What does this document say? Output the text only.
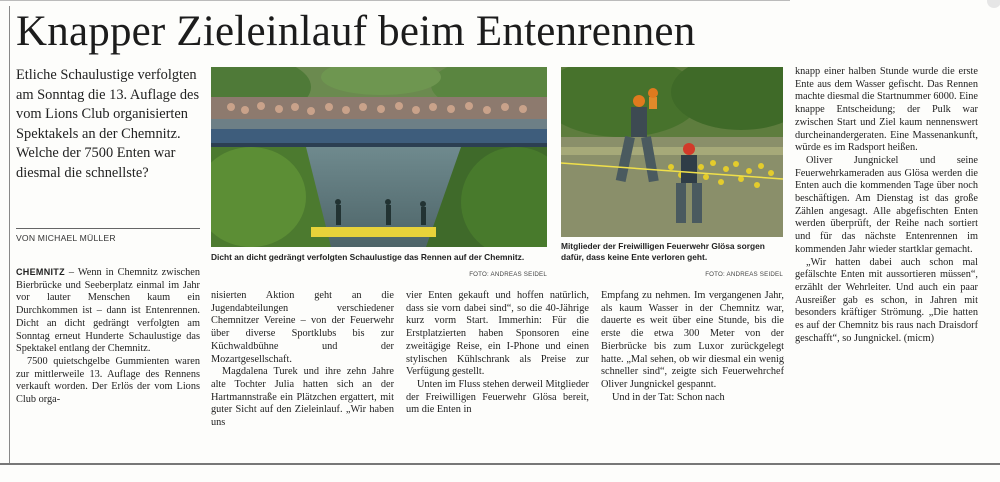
Knapper Zieleinlauf beim Entenrennen
Etliche Schaulustige verfolgten am Sonntag die 13. Auflage des vom Lions Club organisierten Spektakels an der Chemnitz. Welche der 7500 Enten war diesmal die schnellste?
VON MICHAEL MÜLLER
Dicht an dicht gedrängt verfolgten Schaulustige das Rennen auf der Chemnitz.
FOTO: ANDREAS SEIDEL
Mitglieder der Freiwilligen Feuerwehr Glösa sorgen dafür, dass keine Ente verloren geht.
FOTO: ANDREAS SEIDEL

CHEMNITZ – Wenn in Chemnitz zwischen Bierbrücke und Seeberplatz einmal im Jahr vor lauter Menschen kaum ein Durchkommen ist – dann ist Entenrennen. Dicht an dicht gedrängt verfolgten am Sonntag erneut Hunderte Schaulustige das Spektakel entlang der Chemnitz.

7500 quietschgelbe Gummienten waren zur mittlerweile 13. Auflage des Rennens verkauft worden. Der Erlös der vom Lions Club orga-

nisierten Aktion geht an die Jugendabteilungen verschiedener Chemnitzer Vereine – von der Feuerwehr über diverse Sportklubs bis zur Küchwaldbühne und der Mozartgesellschaft.

Magdalena Turek und ihre zehn Jahre alte Tochter Julia hatten sich an der Hartmannstraße ein Plätzchen ergattert, mit guter Sicht auf den Zieleinlauf. „Wir haben uns

vier Enten gekauft und hoffen natürlich, dass sie vorn dabei sind“, so die 40-Jährige kurz vorm Start. Immerhin: Für die Erstplatzierten haben Sponsoren eine zweitägige Reise, ein I-Phone und einen stylischen Kühlschrank als Preise zur Verfügung gestellt.

Unten im Fluss stehen derweil Mitglieder der Freiwilligen Feuerwehr Glösa bereit, um die Enten in

Empfang zu nehmen. Im vergangenen Jahr, als kaum Wasser in der Chemnitz war, dauerte es weit über eine Stunde, bis die erste die etwa 300 Meter von der Bierbrücke bis zum Luxor zurückgelegt hatte. „Mal sehen, ob wir diesmal ein wenig schneller sind“, zeigte sich Feuerwehrchef Oliver Jungnickel gespannt.

Und in der Tat: Schon nach

knapp einer halben Stunde wurde die erste Ente aus dem Wasser gefischt. Das Rennen machte diesmal die Startnummer 6000. Eine knappe Entscheidung; der Pulk war zwischen Start und Ziel kaum nennenswert durcheinandergeraten. Eine Massenankunft, würde es im Radsport heißen.

Oliver Jungnickel und seine Feuerwehrkameraden aus Glösa werden die Enten auch die kommenden Tage über noch beschäftigen. Am Dienstag ist das große Zählen angesagt. Alle abgefischten Enten werden überprüft, der Reihe nach sortiert und für das nächste Entenrennen im kommenden Jahr wieder startklar gemacht.

„Wir hatten dabei auch schon mal gefälschte Enten mit aussortieren müssen“, erzählt der Wehrleiter. Und auch ein paar Ausreißer gab es schon, in Jahren mit besonders kräftiger Strömung. „Die hatten es auf der Chemnitz bis raus nach Draisdorf geschafft“, so Jungnickel. (micm)
